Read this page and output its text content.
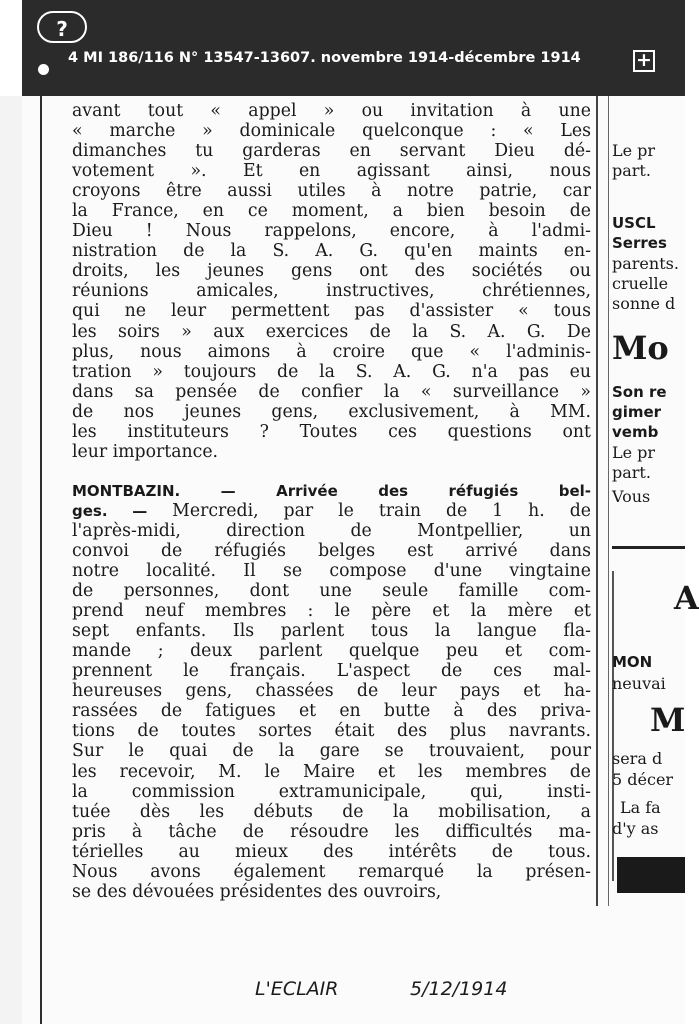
?
4 MI 186/116 N° 13547-13607. novembre 1914-décembre 1914	+
avant tout « appel » ou invitation à une
« marche » dominicale quelconque : « Les
dimanches tu garderas en servant Dieu dé-
votement ». Et en agissant ainsi, nous
croyons être aussi utiles à notre patrie, car
la France, en ce moment, a bien besoin de
Dieu ! Nous rappelons, encore, à l'admi-
nistration de la S. A. G. qu'en maints en-
droits, les jeunes gens ont des sociétés ou
réunions amicales, instructives, chrétiennes,
qui ne leur permettent pas d'assister « tous
les soirs » aux exercices de la S. A. G. De
plus, nous aimons à croire que « l'adminis-
tration » toujours de la S. A. G. n'a pas eu
dans sa pensée de confier la « surveillance »
de nos jeunes gens, exclusivement, à MM.
les instituteurs ? Toutes ces questions ont
leur importance.
MONTBAZIN. — Arrivée des réfugiés bel-
ges. — Mercredi, par le train de 1 h. de
l'après-midi, direction de Montpellier, un
convoi de réfugiés belges est arrivé dans
notre localité. Il se compose d'une vingtaine
de personnes, dont une seule famille com-
prend neuf membres : le père et la mère et
sept enfants. Ils parlent tous la langue fla-
mande ; deux parlent quelque peu et com-
prennent le français. L'aspect de ces mal-
heureuses gens, chassées de leur pays et ha-
rassées de fatigues et en butte à des priva-
tions de toutes sortes était des plus navrants.
Sur le quai de la gare se trouvaient, pour
les recevoir, M. le Maire et les membres de
la commission extramunicipale, qui, insti-
tuée dès les débuts de la mobilisation, a
pris à tâche de résoudre les difficultés ma-
térielles au mieux des intérêts de tous.
Nous avons également remarqué la présen-
se des dévouées présidentes des ouvroirs,
Le pr
part.
USCL
Serres
parents.
cruelle
sonne d
Mo
Son re
gimer
vemb
Le pr
part.
Vous
A
MON
neuvai
M
sera d
5 décer
La fa
d'y as
L'ECLAIR	5/12/1914
